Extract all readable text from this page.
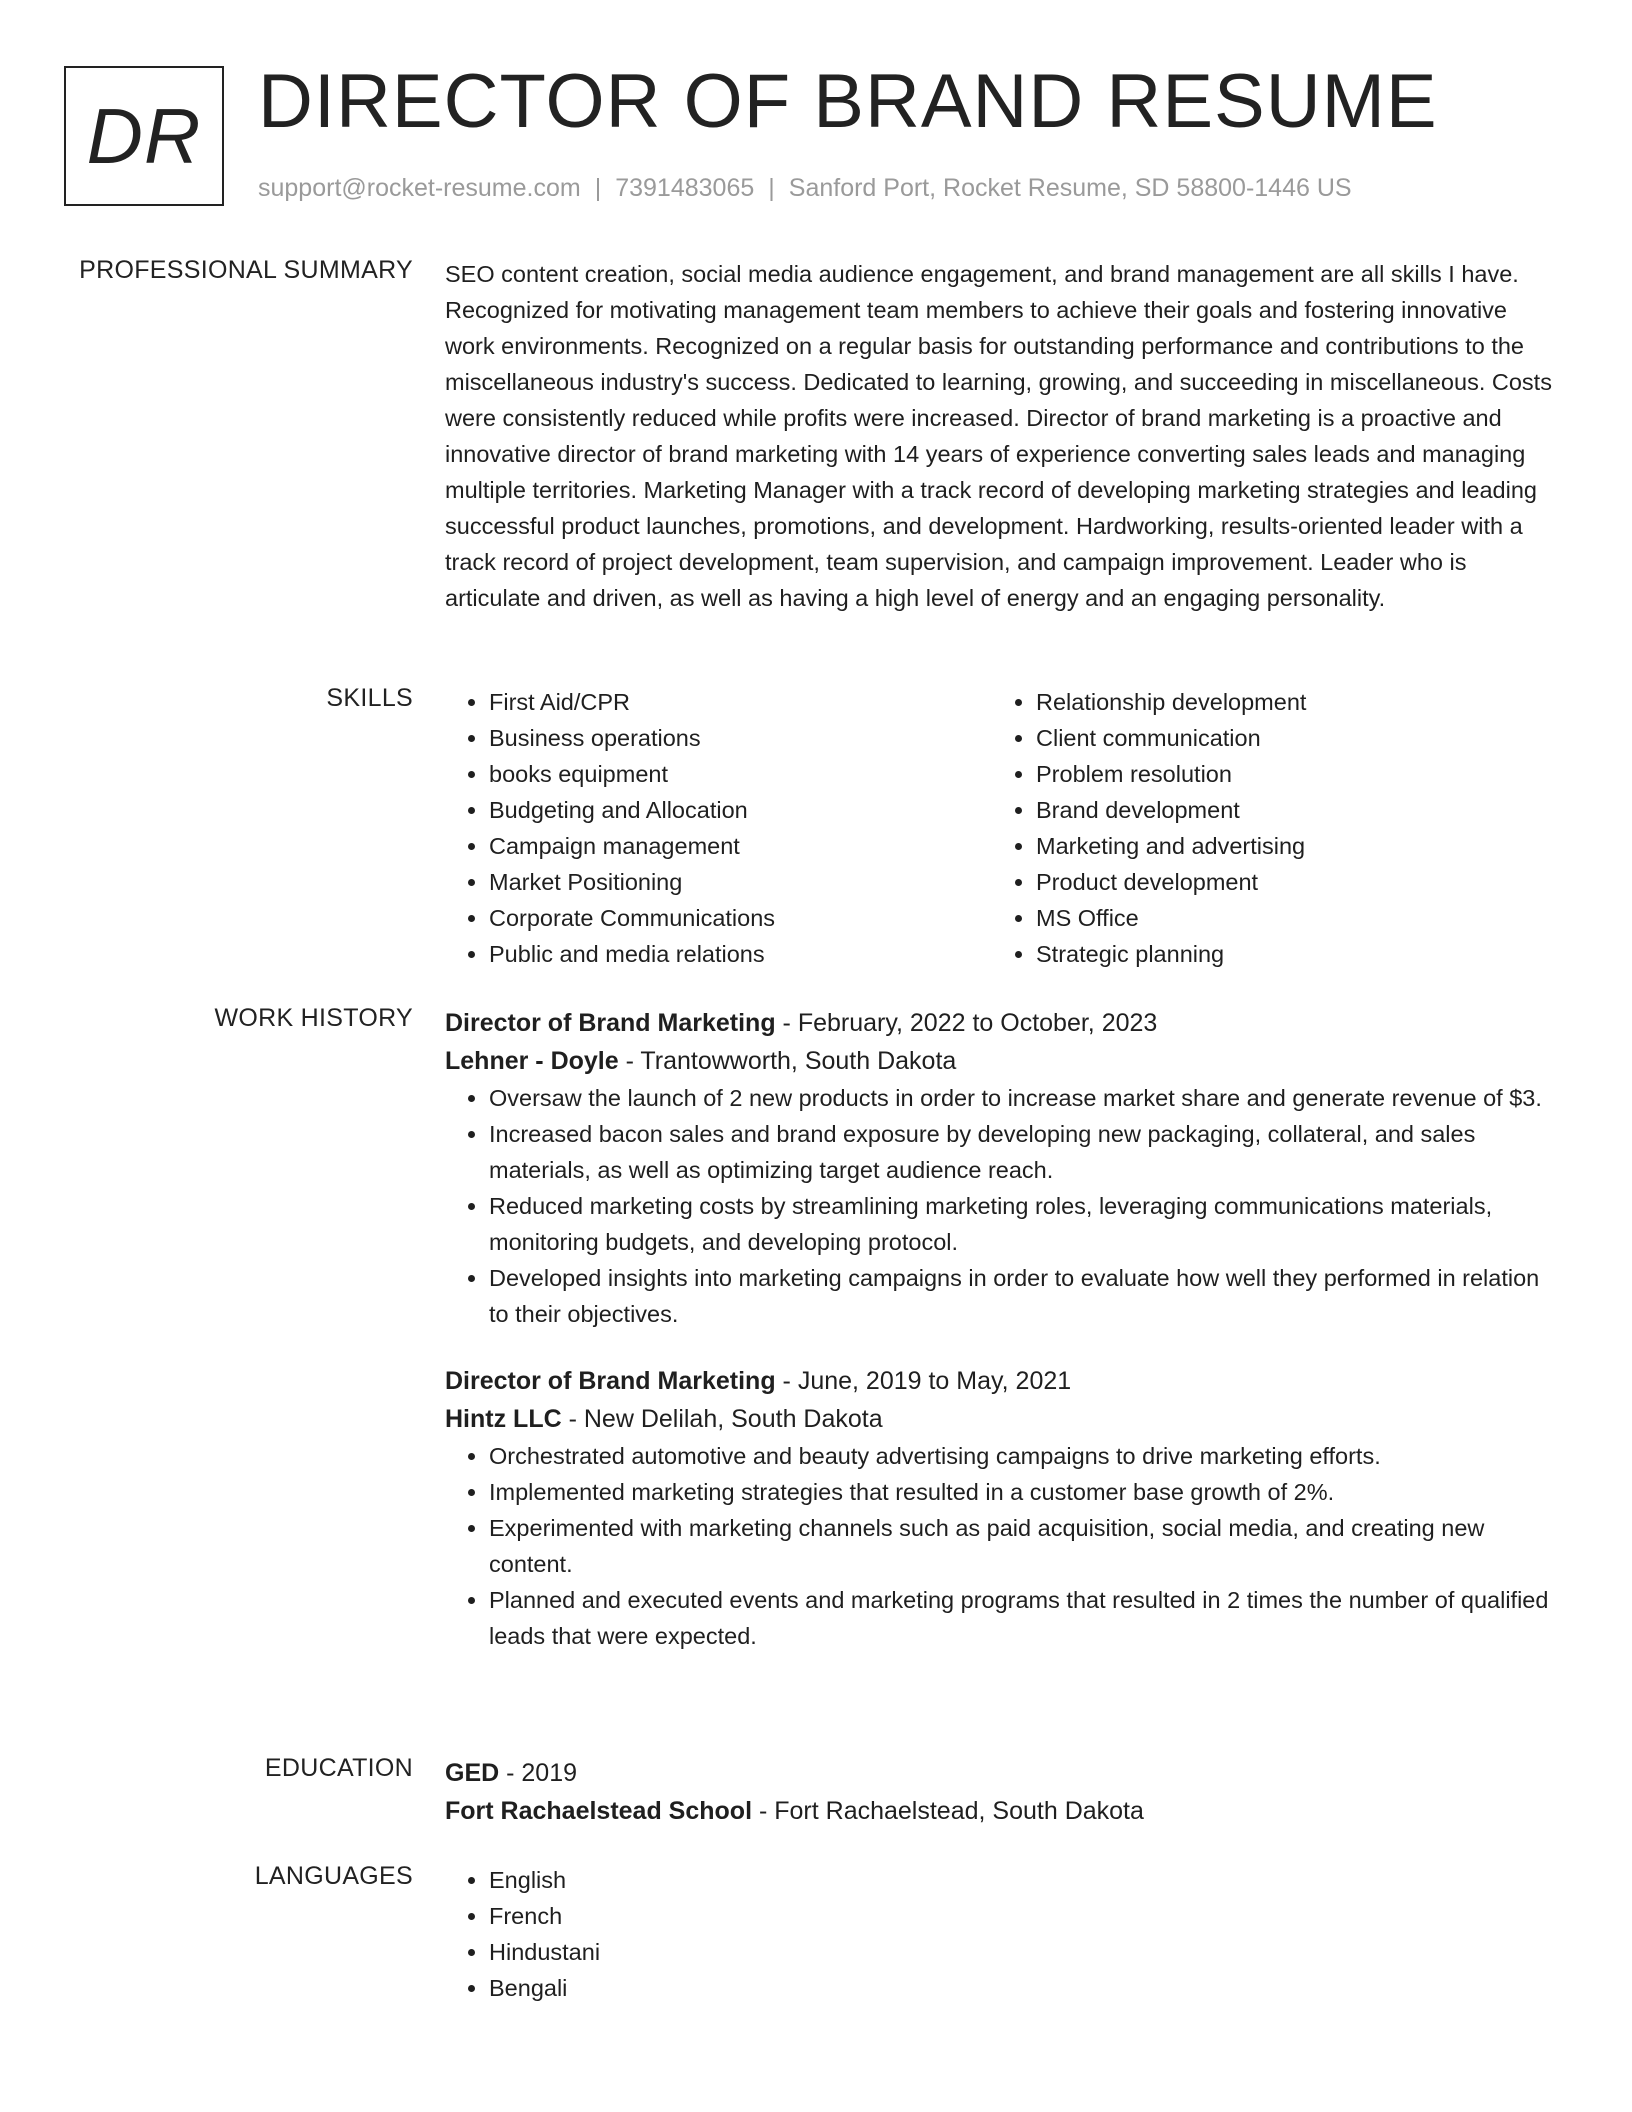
DR DIRECTOR OF BRAND RESUME
support@rocket-resume.com | 7391483065 | Sanford Port, Rocket Resume, SD 58800-1446 US
PROFESSIONAL SUMMARY SEO content creation, social media audience engagement, and brand management are all skills I have. Recognized for motivating management team members to achieve their goals and fostering innovative work environments. Recognized on a regular basis for outstanding performance and contributions to the miscellaneous industry's success. Dedicated to learning, growing, and succeeding in miscellaneous. Costs were consistently reduced while profits were increased. Director of brand marketing is a proactive and innovative director of brand marketing with 14 years of experience converting sales leads and managing multiple territories. Marketing Manager with a track record of developing marketing strategies and leading successful product launches, promotions, and development. Hardworking, results-oriented leader with a track record of project development, team supervision, and campaign improvement. Leader who is articulate and driven, as well as having a high level of energy and an engaging personality.

SKILLS	• First Aid/CPR
• Business operations
• books equipment
• Budgeting and Allocation
• Campaign management
• Market Positioning
• Corporate Communications
• Public and media relations
• Relationship development
• Client communication
• Problem resolution
• Brand development
• Marketing and advertising
• Product development
• MS Office
• Strategic planning
WORK HISTORY Director of Brand Marketing - February, 2022 to October, 2023
Lehner - Doyle - Trantowworth, South Dakota
• Oversaw the launch of 2 new products in order to increase market share and generate revenue of $3.
• Increased bacon sales and brand exposure by developing new packaging, collateral, and sales materials, as well as optimizing target audience reach.
• Reduced marketing costs by streamlining marketing roles, leveraging communications materials, monitoring budgets, and developing protocol.
• Developed insights into marketing campaigns in order to evaluate how well they performed in relation to their objectives.
Director of Brand Marketing - June, 2019 to May, 2021
Hintz LLC - New Delilah, South Dakota
• Orchestrated automotive and beauty advertising campaigns to drive marketing efforts.
• Implemented marketing strategies that resulted in a customer base growth of 2%.
• Experimented with marketing channels such as paid acquisition, social media, and creating new content.
• Planned and executed events and marketing programs that resulted in 2 times the number of qualified leads that were expected.
EDUCATION GED - 2019
Fort Rachaelstead School - Fort Rachaelstead, South Dakota
LANGUAGES	• English
• French
• Hindustani
• Bengali
